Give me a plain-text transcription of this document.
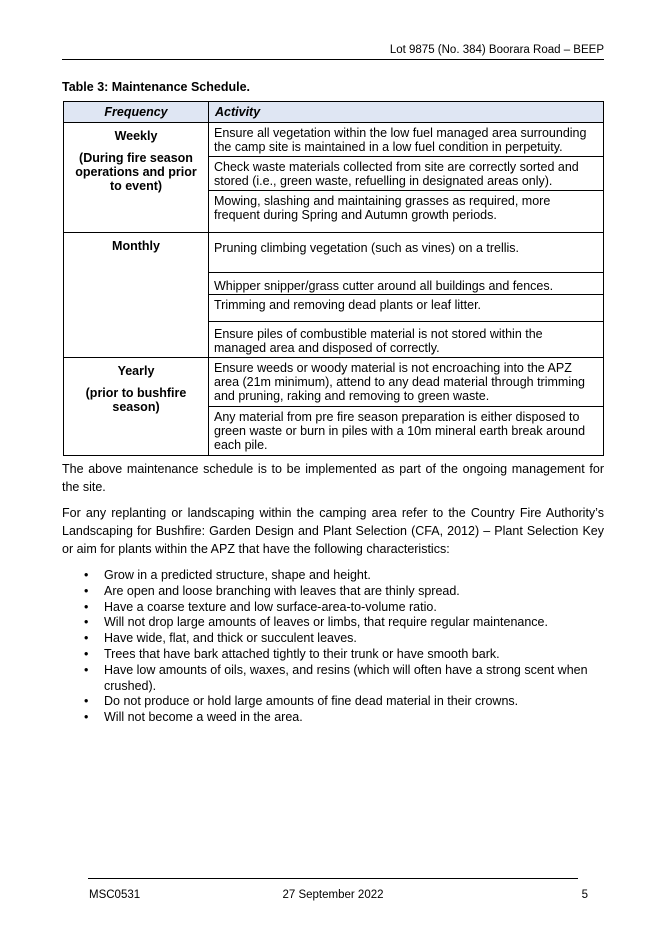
Lot 9875 (No. 384) Boorara Road – BEEP
Table 3: Maintenance Schedule.
Frequency	Activity

Weekly
(During fire season operations and prior to event)	Ensure all vegetation within the low fuel managed area surrounding the camp site is maintained in a low fuel condition in perpetuity.
	Check waste materials collected from site are correctly sorted and stored (i.e., green waste, refuelling in designated areas only).
	Mowing, slashing and maintaining grasses as required, more frequent during Spring and Autumn growth periods.

Monthly	Pruning climbing vegetation (such as vines) on a trellis.
	Whipper snipper/grass cutter around all buildings and fences.
	Trimming and removing dead plants or leaf litter.
	Ensure piles of combustible material is not stored within the managed area and disposed of correctly.

Yearly
(prior to bushfire season)	Ensure weeds or woody material is not encroaching into the APZ area (21m minimum), attend to any dead material through trimming and pruning, raking and removing to green waste.
	Any material from pre fire season preparation is either disposed to green waste or burn in piles with a 10m mineral earth break around each pile.

The above maintenance schedule is to be implemented as part of the ongoing management for the site.

For any replanting or landscaping within the camping area refer to the Country Fire Authority’s Landscaping for Bushfire: Garden Design and Plant Selection (CFA, 2012) – Plant Selection Key or aim for plants within the APZ that have the following characteristics:

• Grow in a predicted structure, shape and height.
• Are open and loose branching with leaves that are thinly spread.
• Have a coarse texture and low surface-area-to-volume ratio.
• Will not drop large amounts of leaves or limbs, that require regular maintenance.
• Have wide, flat, and thick or succulent leaves.
• Trees that have bark attached tightly to their trunk or have smooth bark.
• Have low amounts of oils, waxes, and resins (which will often have a strong scent when crushed).
• Do not produce or hold large amounts of fine dead material in their crowns.
• Will not become a weed in the area.
MSC0531	27 September 2022	5
